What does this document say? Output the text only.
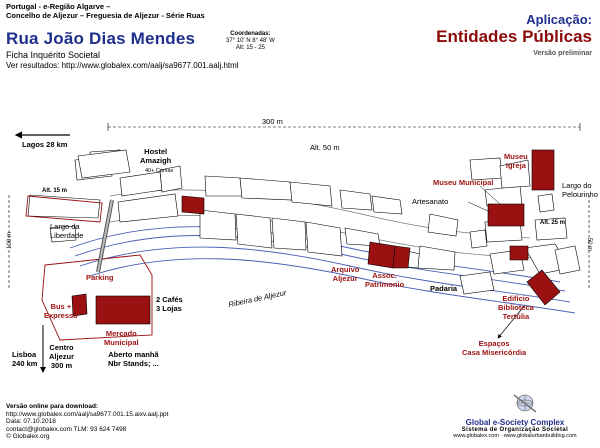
Portugal - e-Região Algarve –
Concelho de Aljezur – Freguesia de Aljezur - Série Ruas
Rua João Dias Mendes
Ficha Inquérito Societal
Ver resultados: http://www.globalex.com/aalj/sa9677.001.aalj.html
Coordenadas:
37° 10' N 8° 48' W
Alt: 15 - 25
Aplicação:
Entidades Públicas
Versão preliminar
300 m
100 m	50 m
Lagos 28 km	Alt. 50 m
Alt. 15 m
Alt. 25 m
Ribeira de Aljezur
Hostel
Amazigh
40+ Camas
Largo da
Liberdade
Parking
Bus +
Expresso
Mercado
Municipal
Aberto manhã
Nbr Stands; ...
2 Cafés
3 Lojas
Lisboa
240 km
Centro
Aljezur
300 m
Artesanato
Arquivo
Aljezur	Assoc.
Patrimonio	Padaria
Museu Municipal
Museu
Igreja
Largo do
Pelourinho
Edifício
Biblioteca
Tertúlia
Espaços
Casa Misericórdia
Versão online para download:
http://www.globalex.com/aalj/sa9677.001.15.aixv.aalj.ppt
Data: 07.10.2018
contact@globalex.com TLM: 93 624 7498
© Globalex.org
Global e-Society Complex
Sistema de Organização Societal
www.globalex.com · www.globalurbanbuilding.com
